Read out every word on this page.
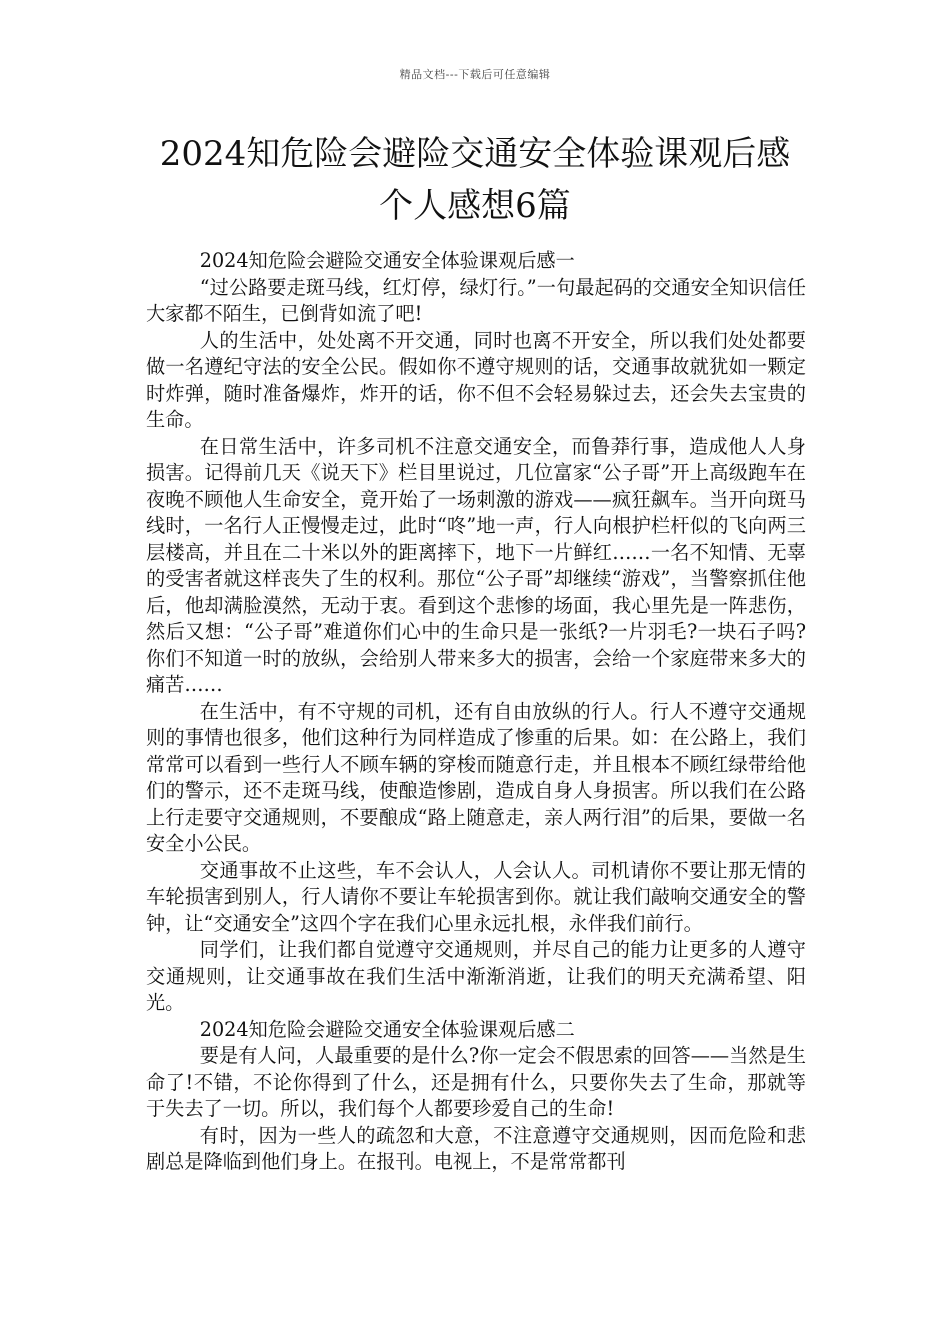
精品文档---下载后可任意编辑
2024知危险会避险交通安全体验课观后感
个人感想6篇

2024知危险会避险交通安全体验课观后感一

“过公路要走斑马线，红灯停，绿灯行。”一句最起码的交通安全知识信任大家都不陌生，已倒背如流了吧!

人的生活中，处处离不开交通，同时也离不开安全，所以我们处处都要做一名遵纪守法的安全公民。假如你不遵守规则的话，交通事故就犹如一颗定时炸弹，随时准备爆炸，炸开的话，你不但不会轻易躲过去，还会失去宝贵的生命。

在日常生活中，许多司机不注意交通安全，而鲁莽行事，造成他人人身损害。记得前几天《说天下》栏目里说过，几位富家“公子哥”开上高级跑车在夜晚不顾他人生命安全，竟开始了一场刺激的游戏——疯狂飙车。当开向斑马线时，一名行人正慢慢走过，此时“咚”地一声，行人向根护栏杆似的飞向两三层楼高，并且在二十米以外的距离摔下，地下一片鲜红……一名不知情、无辜的受害者就这样丧失了生的权利。那位“公子哥”却继续“游戏”，当警察抓住他后，他却满脸漠然，无动于衷。看到这个悲惨的场面，我心里先是一阵悲伤，然后又想：“公子哥”难道你们心中的生命只是一张纸?一片羽毛?一块石子吗?你们不知道一时的放纵，会给别人带来多大的损害，会给一个家庭带来多大的痛苦……

在生活中，有不守规的司机，还有自由放纵的行人。行人不遵守交通规则的事情也很多，他们这种行为同样造成了惨重的后果。如：在公路上，我们常常可以看到一些行人不顾车辆的穿梭而随意行走，并且根本不顾红绿带给他们的警示，还不走斑马线，使酿造惨剧，造成自身人身损害。所以我们在公路上行走要守交通规则，不要酿成“路上随意走，亲人两行泪”的后果，要做一名安全小公民。

交通事故不止这些，车不会认人，人会认人。司机请你不要让那无情的车轮损害到别人，行人请你不要让车轮损害到你。就让我们敲响交通安全的警钟，让“交通安全”这四个字在我们心里永远扎根，永伴我们前行。

同学们，让我们都自觉遵守交通规则，并尽自己的能力让更多的人遵守交通规则，让交通事故在我们生活中渐渐消逝，让我们的明天充满希望、阳光。

2024知危险会避险交通安全体验课观后感二

要是有人问，人最重要的是什么?你一定会不假思索的回答——当然是生命了!不错，不论你得到了什么，还是拥有什么，只要你失去了生命，那就等于失去了一切。所以，我们每个人都要珍爱自己的生命!

有时，因为一些人的疏忽和大意，不注意遵守交通规则，因而危险和悲剧总是降临到他们身上。在报刊。电视上，不是常常都刊
